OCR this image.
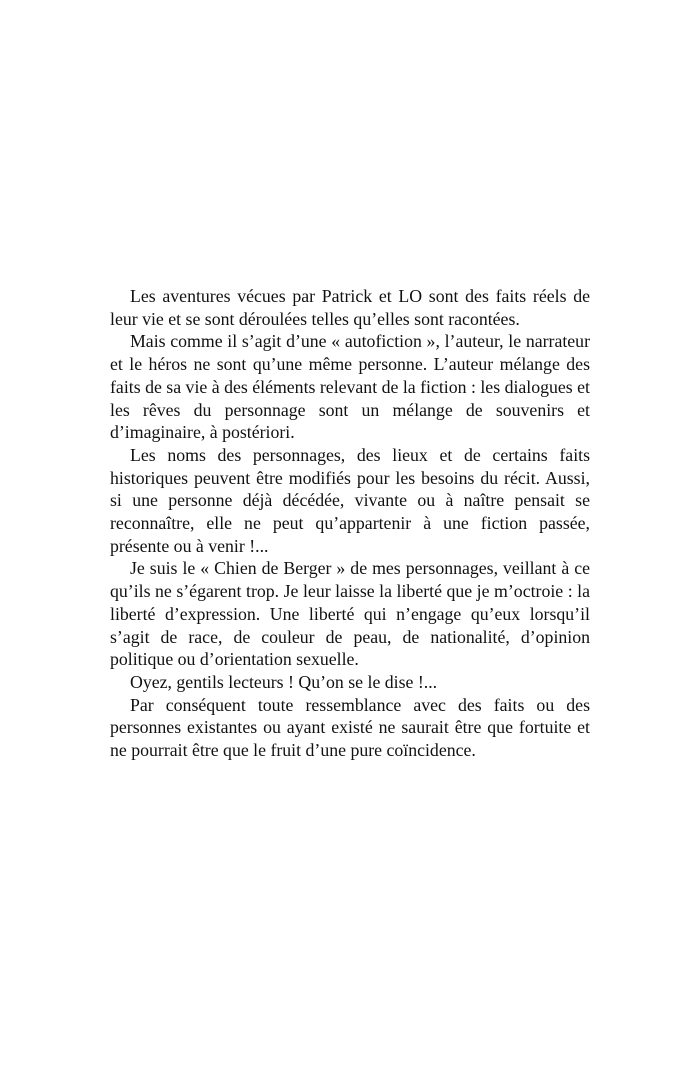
Les aventures vécues par Patrick et LO sont des faits réels de leur vie et se sont déroulées telles qu’elles sont racontées.

Mais comme il s’agit d’une « autofiction », l’auteur, le narrateur et le héros ne sont qu’une même personne. L’auteur mélange des faits de sa vie à des éléments relevant de la fiction : les dialogues et les rêves du personnage sont un mélange de souvenirs et d’imaginaire, à postériori.

Les noms des personnages, des lieux et de certains faits historiques peuvent être modifiés pour les besoins du récit. Aussi, si une personne déjà décédée, vivante ou à naître pensait se reconnaître, elle ne peut qu’appartenir à une fiction passée, présente ou à venir !...

Je suis le « Chien de Berger » de mes personnages, veillant à ce qu’ils ne s’égarent trop. Je leur laisse la liberté que je m’octroie : la liberté d’expression. Une liberté qui n’engage qu’eux lorsqu’il s’agit de race, de couleur de peau, de nationalité, d’opinion politique ou d’orientation sexuelle.

Oyez, gentils lecteurs ! Qu’on se le dise !...

Par conséquent toute ressemblance avec des faits ou des personnes existantes ou ayant existé ne saurait être que fortuite et ne pourrait être que le fruit d’une pure coïncidence.
